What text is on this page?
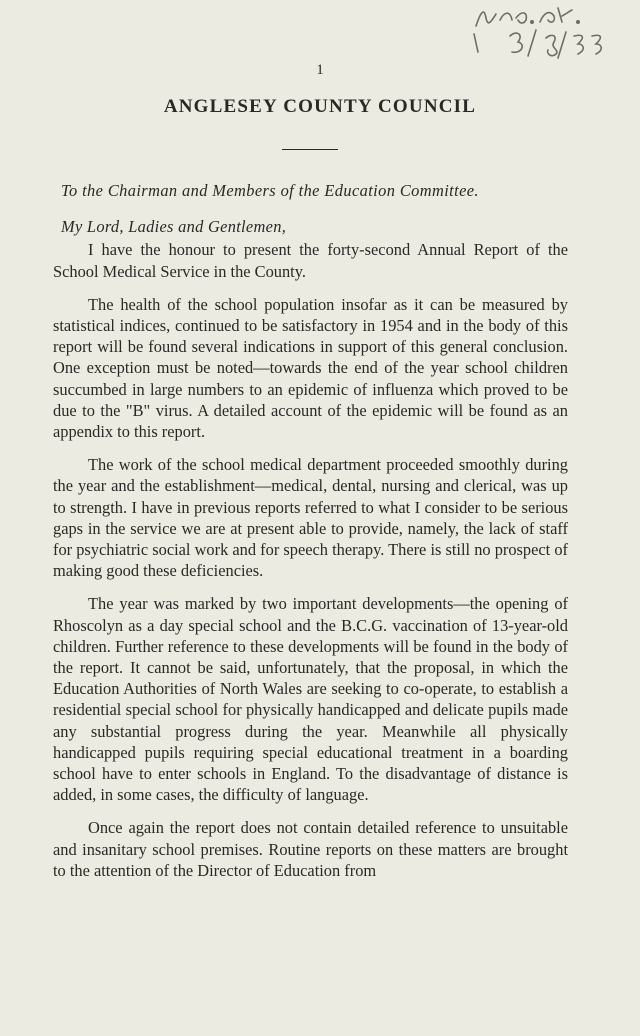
1
ANGLESEY COUNTY COUNCIL

To the Chairman and Members of the Education Committee.

My Lord, Ladies and Gentlemen,

I have the honour to present the forty-second Annual Report of the School Medical Service in the County.

The health of the school population insofar as it can be measured by statistical indices, continued to be satisfactory in 1954 and in the body of this report will be found several indications in support of this general conclusion. One exception must be noted—towards the end of the year school children succumbed in large numbers to an epidemic of influenza which proved to be due to the "B" virus. A detailed account of the epidemic will be found as an appendix to this report.

The work of the school medical department proceeded smoothly during the year and the establishment—medical, dental, nursing and clerical, was up to strength. I have in previous reports referred to what I consider to be serious gaps in the service we are at present able to provide, namely, the lack of staff for psychiatric social work and for speech therapy. There is still no prospect of making good these deficiencies.

The year was marked by two important developments—the opening of Rhoscolyn as a day special school and the B.C.G. vaccination of 13-year-old children. Further reference to these developments will be found in the body of the report. It cannot be said, unfortunately, that the proposal, in which the Education Authorities of North Wales are seeking to co-operate, to establish a residential special school for physically handicapped and delicate pupils made any substantial progress during the year. Meanwhile all physically handicapped pupils requiring special educational treatment in a boarding school have to enter schools in England. To the disadvantage of distance is added, in some cases, the difficulty of language.

Once again the report does not contain detailed reference to unsuitable and insanitary school premises. Routine reports on these matters are brought to the attention of the Director of Education from
